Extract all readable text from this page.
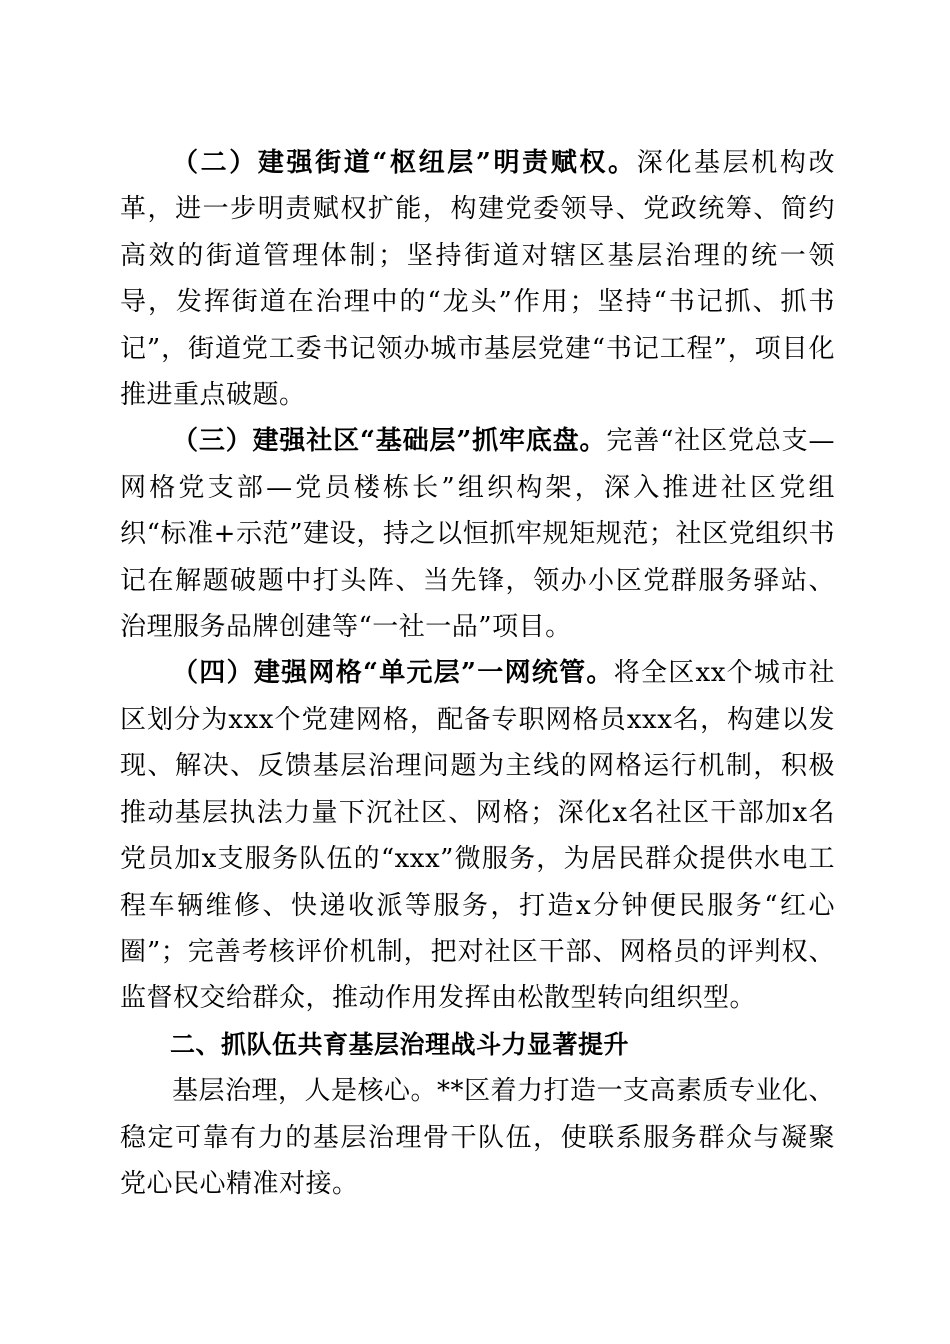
（二）建强街道“枢纽层”明责赋权。深化基层机构改革，进一步明责赋权扩能，构建党委领导、党政统筹、简约高效的街道管理体制；坚持街道对辖区基层治理的统一领导，发挥街道在治理中的“龙头”作用；坚持“书记抓、抓书记”，街道党工委书记领办城市基层党建“书记工程”，项目化推进重点破题。

（三）建强社区“基础层”抓牢底盘。完善“社区党总支—网格党支部—党员楼栋长”组织构架，深入推进社区党组织“标准+示范”建设，持之以恒抓牢规矩规范；社区党组织书记在解题破题中打头阵、当先锋，领办小区党群服务驿站、治理服务品牌创建等“一社一品”项目。

（四）建强网格“单元层”一网统管。将全区xx个城市社区划分为xxx个党建网格，配备专职网格员xxx名，构建以发现、解决、反馈基层治理问题为主线的网格运行机制，积极推动基层执法力量下沉社区、网格；深化x名社区干部加x名党员加x支服务队伍的“xxx”微服务，为居民群众提供水电工程车辆维修、快递收派等服务，打造x分钟便民服务“红心圈”；完善考核评价机制，把对社区干部、网格员的评判权、监督权交给群众，推动作用发挥由松散型转向组织型。

二、抓队伍共育基层治理战斗力显著提升

基层治理，人是核心。**区着力打造一支高素质专业化、稳定可靠有力的基层治理骨干队伍，使联系服务群众与凝聚党心民心精准对接。
